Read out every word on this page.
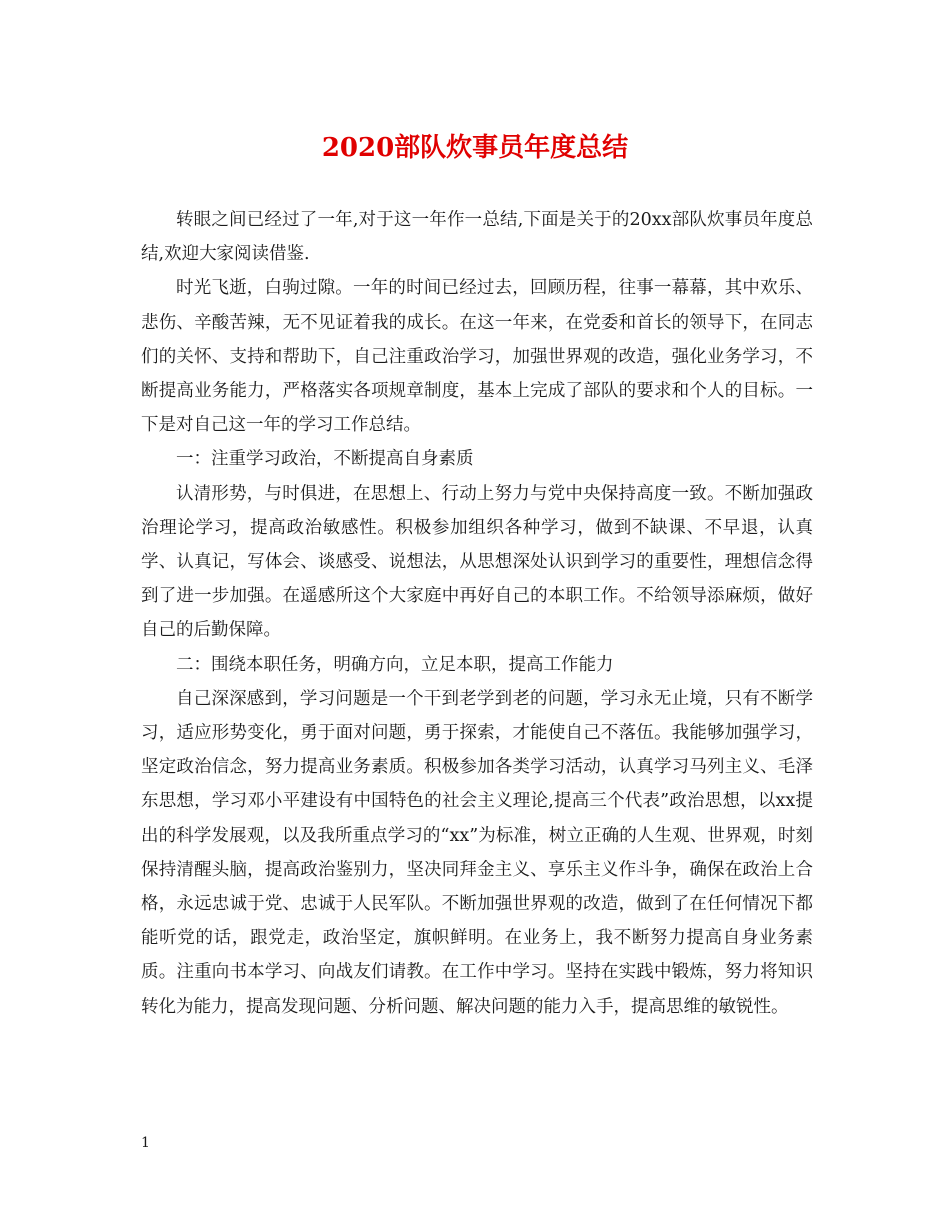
2020部队炊事员年度总结

转眼之间已经过了一年,对于这一年作一总结,下面是关于的20xx部队炊事员年度总结,欢迎大家阅读借鉴.

时光飞逝，白驹过隙。一年的时间已经过去，回顾历程，往事一幕幕，其中欢乐、悲伤、辛酸苦辣，无不见证着我的成长。在这一年来，在党委和首长的领导下，在同志们的关怀、支持和帮助下，自己注重政治学习，加强世界观的改造，强化业务学习，不断提高业务能力，严格落实各项规章制度，基本上完成了部队的要求和个人的目标。一下是对自己这一年的学习工作总结。

一：注重学习政治，不断提高自身素质

认清形势，与时俱进，在思想上、行动上努力与党中央保持高度一致。不断加强政治理论学习，提高政治敏感性。积极参加组织各种学习，做到不缺课、不早退，认真学、认真记，写体会、谈感受、说想法，从思想深处认识到学习的重要性，理想信念得到了进一步加强。在遥感所这个大家庭中再好自己的本职工作。不给领导添麻烦，做好自己的后勤保障。

二：围绕本职任务，明确方向，立足本职，提高工作能力

自己深深感到，学习问题是一个干到老学到老的问题，学习永无止境，只有不断学习，适应形势变化，勇于面对问题，勇于探索，才能使自己不落伍。我能够加强学习，坚定政治信念，努力提高业务素质。积极参加各类学习活动，认真学习马列主义、毛泽东思想，学习邓小平建设有中国特色的社会主义理论,提高三个代表”政治思想，以xx提出的科学发展观，以及我所重点学习的“xx”为标准，树立正确的人生观、世界观，时刻保持清醒头脑，提高政治鉴别力，坚决同拜金主义、享乐主义作斗争，确保在政治上合格，永远忠诚于党、忠诚于人民军队。不断加强世界观的改造，做到了在任何情况下都能听党的话，跟党走，政治坚定，旗帜鲜明。在业务上，我不断努力提高自身业务素质。注重向书本学习、向战友们请教。在工作中学习。坚持在实践中锻炼，努力将知识转化为能力，提高发现问题、分析问题、解决问题的能力入手，提高思维的敏锐性。

1
